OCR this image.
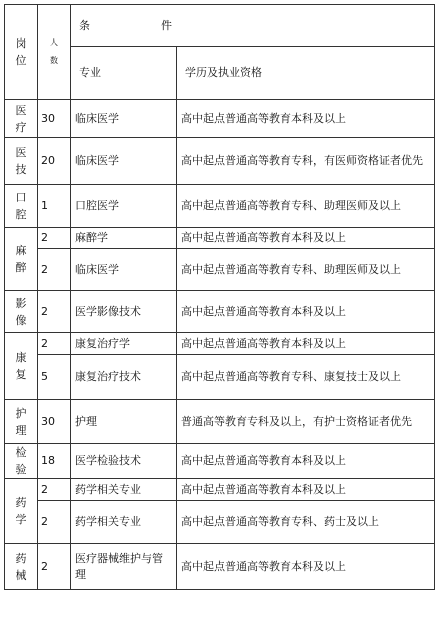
岗位	人数	条 件	
		专业	学历及执业资格
医疗	30	临床医学	高中起点普通高等教育本科及以上
医技	20	临床医学	高中起点普通高等教育专科，有医师资格证者优先
口腔	1	口腔医学	高中起点普通高等教育专科、助理医师及以上
麻醉	2	麻醉学	高中起点普通高等教育本科及以上
	2	临床医学	高中起点普通高等教育专科、助理医师及以上
影像	2	医学影像技术	高中起点普通高等教育本科及以上
康复	2	康复治疗学	高中起点普通高等教育本科及以上
	5	康复治疗技术	高中起点普通高等教育专科、康复技士及以上
护理	30	护理	普通高等教育专科及以上，有护士资格证者优先
检验	18	医学检验技术	高中起点普通高等教育本科及以上
药学	2	药学相关专业	高中起点普通高等教育本科及以上
	2	药学相关专业	高中起点普通高等教育专科、药士及以上
药械	2	医疗器械维护与管理	高中起点普通高等教育本科及以上
